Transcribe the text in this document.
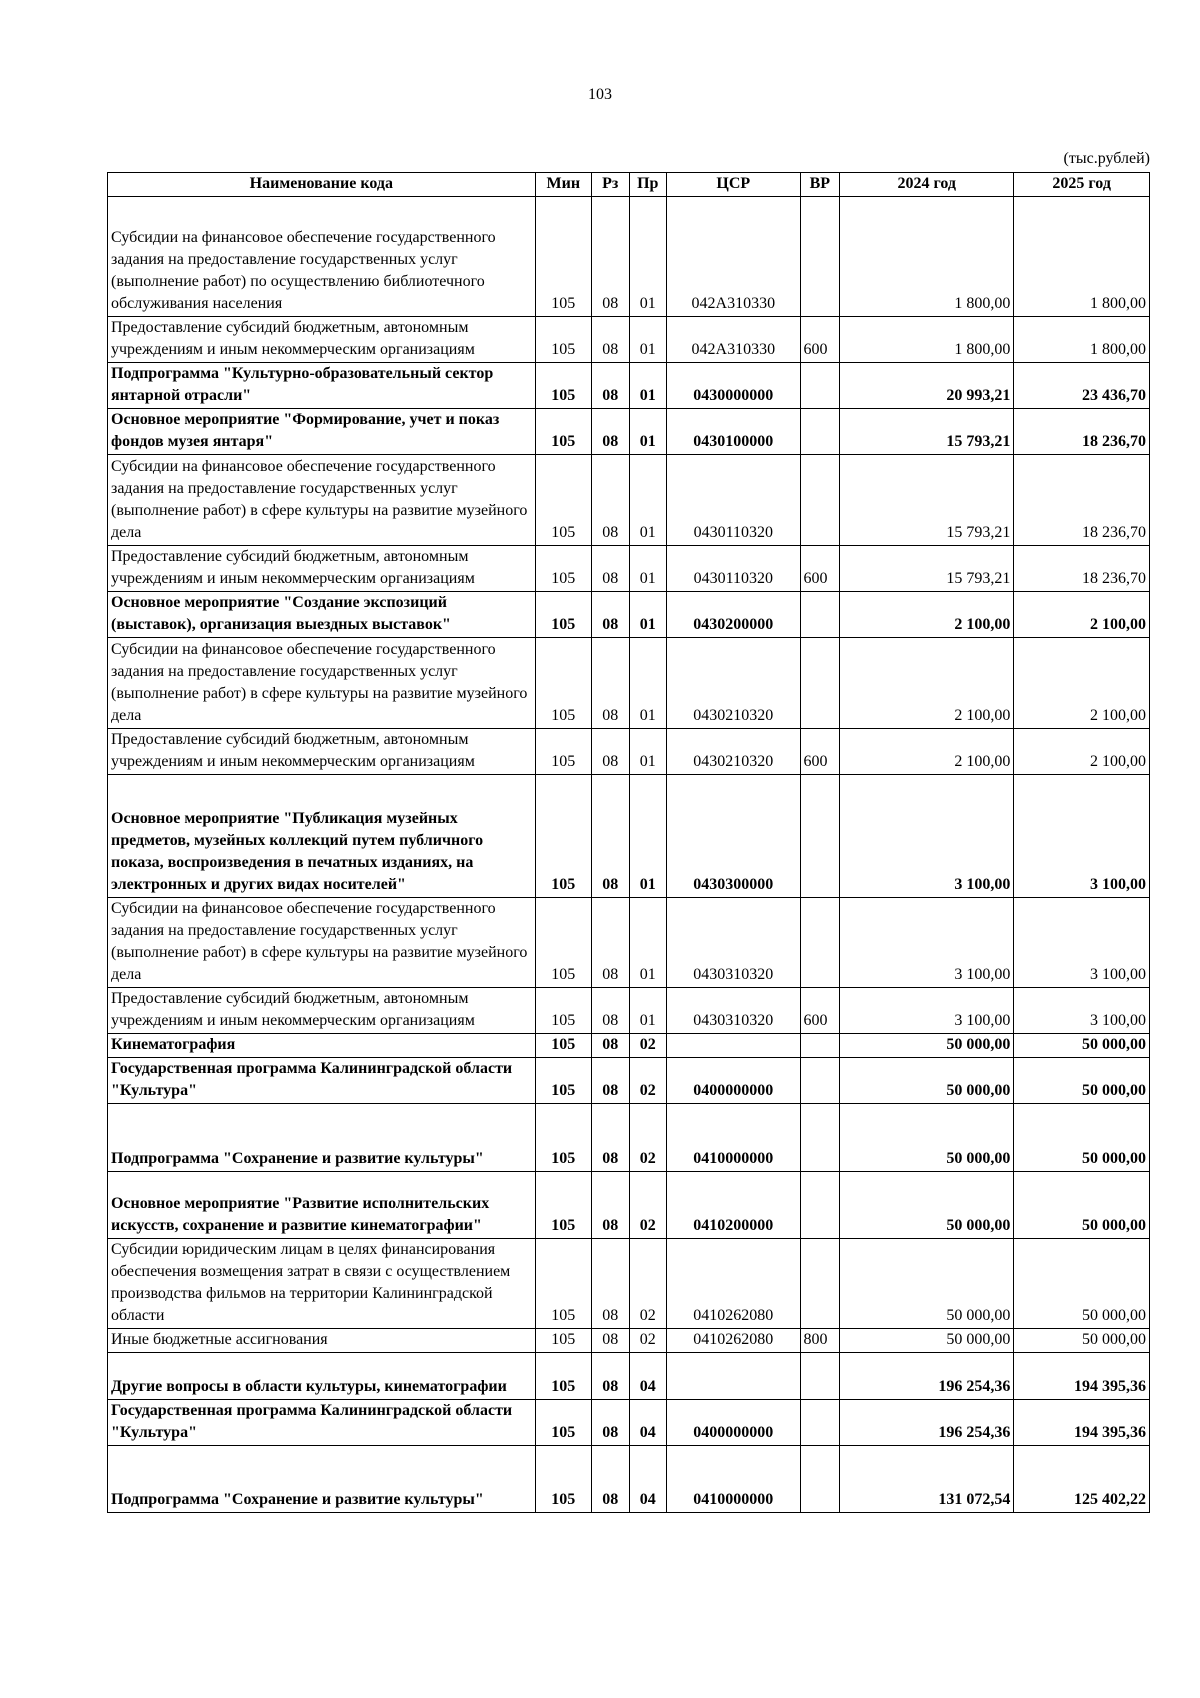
103
(тыс.рублей)
Наименование кода	Мин	Рз	Пр	ЦСР	ВР	2024 год	2025 год
Субсидии на финансовое обеспечение государственного задания на предоставление государственных услуг (выполнение работ) по осуществлению библиотечного обслуживания населения	105	08	01	042А310330		1 800,00	1 800,00
Предоставление субсидий бюджетным, автономным учреждениям и иным некоммерческим организациям	105	08	01	042А310330	600	1 800,00	1 800,00
Подпрограмма "Культурно-образовательный сектор янтарной отрасли"	105	08	01	0430000000		20 993,21	23 436,70
Основное мероприятие "Формирование, учет и показ фондов музея янтаря"	105	08	01	0430100000		15 793,21	18 236,70
Субсидии на финансовое обеспечение государственного задания на предоставление государственных услуг (выполнение работ) в сфере культуры на развитие музейного дела	105	08	01	0430110320		15 793,21	18 236,70
Предоставление субсидий бюджетным, автономным учреждениям и иным некоммерческим организациям	105	08	01	0430110320	600	15 793,21	18 236,70
Основное мероприятие "Создание экспозиций (выставок), организация выездных выставок"	105	08	01	0430200000		2 100,00	2 100,00
Субсидии на финансовое обеспечение государственного задания на предоставление государственных услуг (выполнение работ) в сфере культуры на развитие музейного дела	105	08	01	0430210320		2 100,00	2 100,00
Предоставление субсидий бюджетным, автономным учреждениям и иным некоммерческим организациям	105	08	01	0430210320	600	2 100,00	2 100,00
Основное мероприятие "Публикация музейных предметов, музейных коллекций путем публичного показа, воспроизведения в печатных изданиях, на электронных и других видах носителей"	105	08	01	0430300000		3 100,00	3 100,00
Субсидии на финансовое обеспечение государственного задания на предоставление государственных услуг (выполнение работ) в сфере культуры на развитие музейного дела	105	08	01	0430310320		3 100,00	3 100,00
Предоставление субсидий бюджетным, автономным учреждениям и иным некоммерческим организациям	105	08	01	0430310320	600	3 100,00	3 100,00
Кинематография	105	08	02			50 000,00	50 000,00
Государственная программа Калининградской области "Культура"	105	08	02	0400000000		50 000,00	50 000,00
Подпрограмма "Сохранение и развитие культуры"	105	08	02	0410000000		50 000,00	50 000,00
Основное мероприятие "Развитие исполнительских искусств, сохранение и развитие кинематографии"	105	08	02	0410200000		50 000,00	50 000,00
Субсидии юридическим лицам в целях финансирования обеспечения возмещения затрат в связи с осуществлением производства фильмов на территории Калининградской области	105	08	02	0410262080		50 000,00	50 000,00
Иные бюджетные ассигнования	105	08	02	0410262080	800	50 000,00	50 000,00
Другие вопросы в области культуры, кинематографии	105	08	04			196 254,36	194 395,36
Государственная программа Калининградской области "Культура"	105	08	04	0400000000		196 254,36	194 395,36
Подпрограмма "Сохранение и развитие культуры"	105	08	04	0410000000		131 072,54	125 402,22
